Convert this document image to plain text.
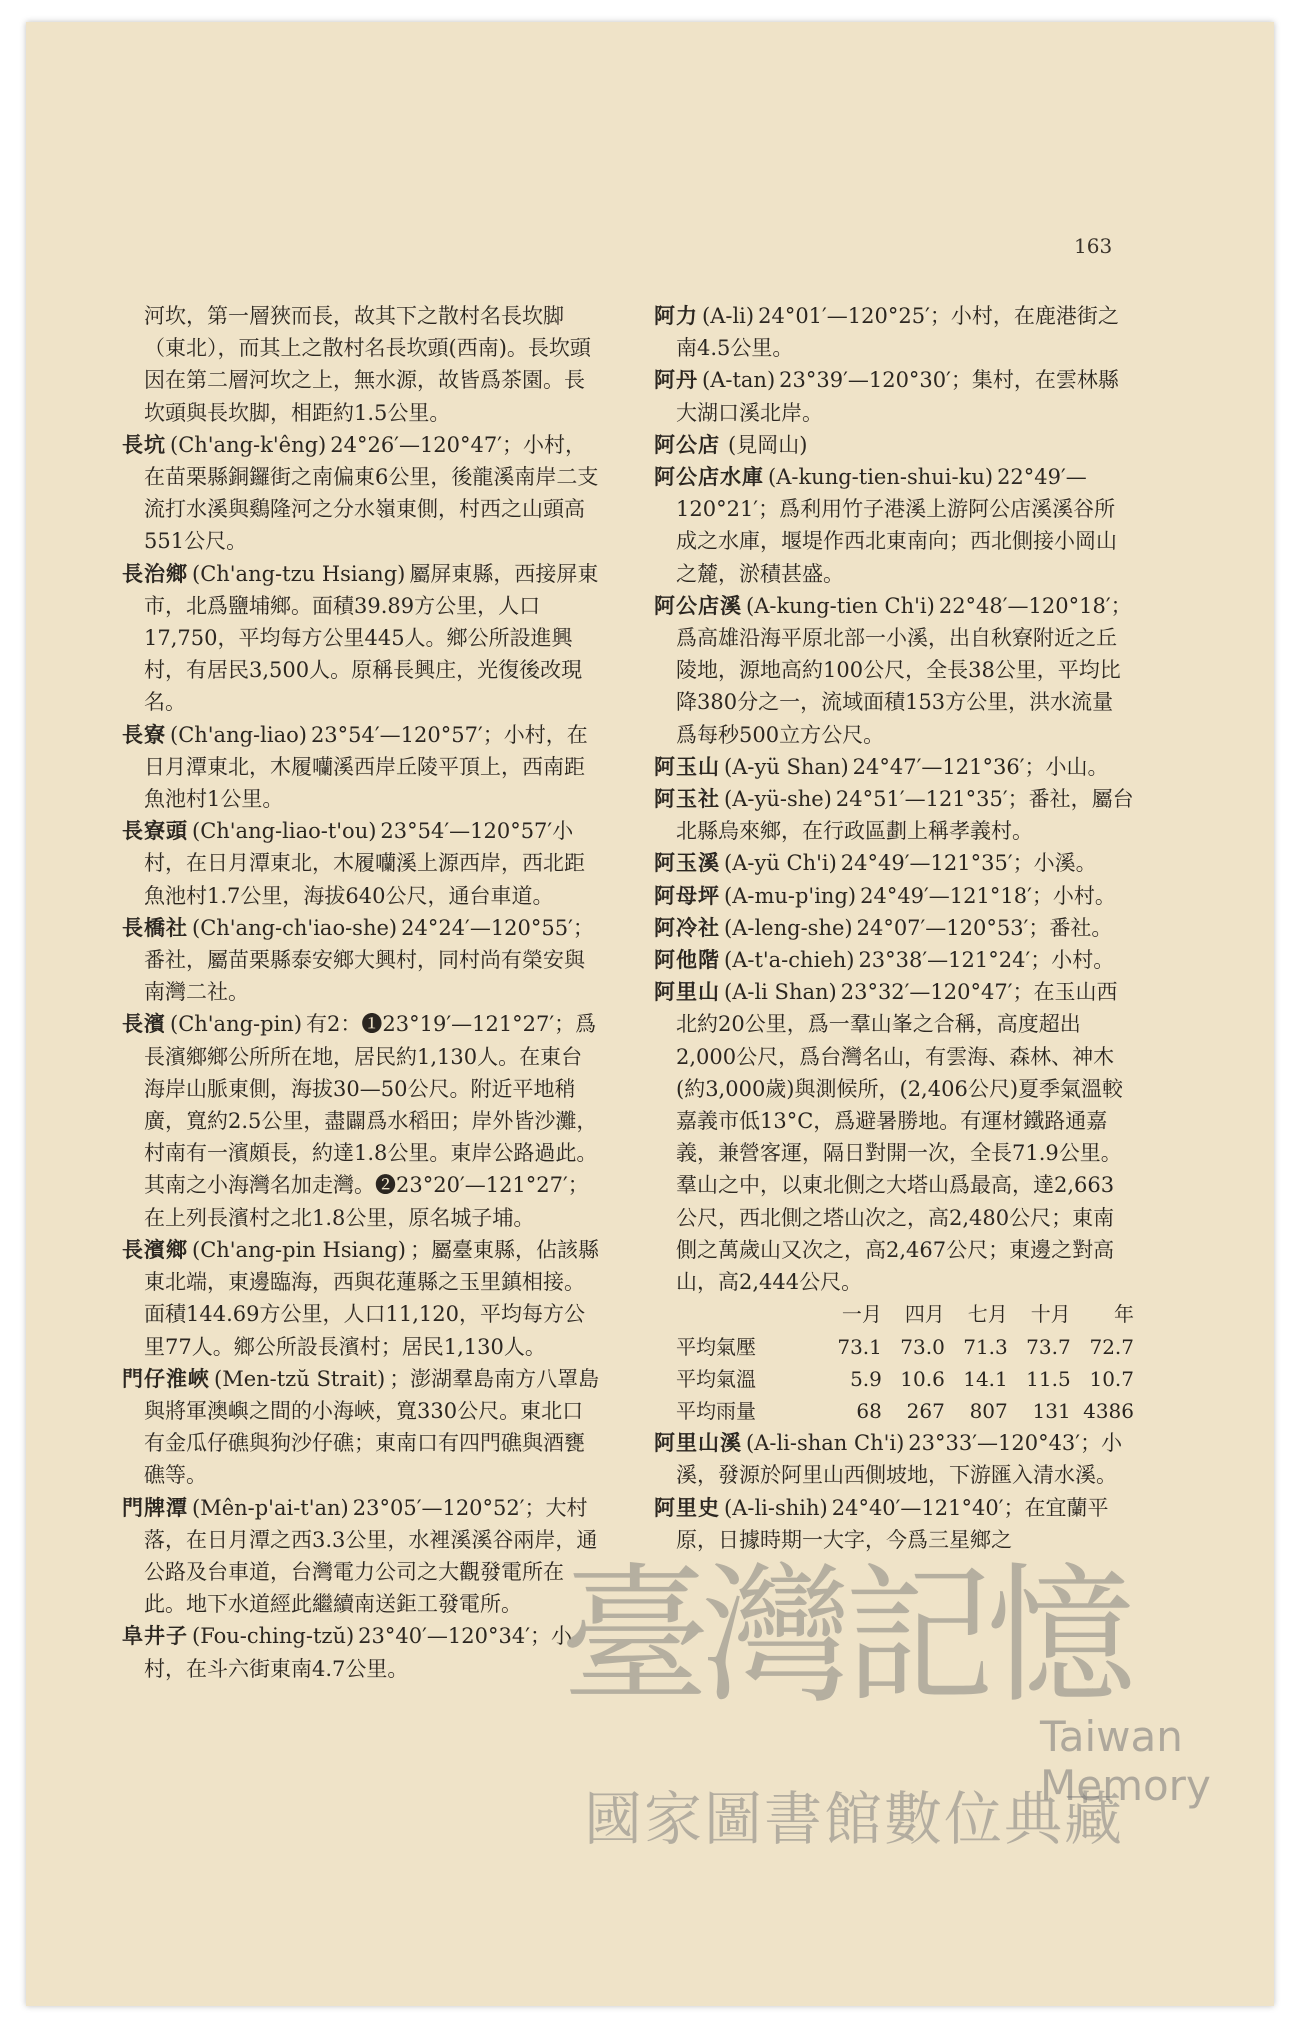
163
河坎，第一層狹而長，故其下之散村名長坎脚（東北），而其上之散村名長坎頭(西南)。長坎頭因在第二層河坎之上，無水源，故皆爲茶園。長坎頭與長坎脚，相距約1.5公里。
長坑 (Ch'ang-k'êng) 24°26′—120°47′；小村，在苗栗縣銅鑼街之南偏東6公里，後龍溪南岸二支流打水溪與鷄隆河之分水嶺東側，村西之山頭高551公尺。
長治鄉 (Ch'ang-tzu Hsiang) 屬屏東縣，西接屏東市，北爲鹽埔鄉。面積39.89方公里，人口17,750，平均每方公里445人。鄉公所設進興村，有居民3,500人。原稱長興庄，光復後改現名。
長寮 (Ch'ang-liao) 23°54′—120°57′；小村，在日月潭東北，木履囒溪西岸丘陵平頂上，西南距魚池村1公里。
長寮頭 (Ch'ang-liao-t'ou) 23°54′—120°57′小村，在日月潭東北，木履囒溪上源西岸，西北距魚池村1.7公里，海拔640公尺，通台車道。
長橋社 (Ch'ang-ch'iao-she) 24°24′—120°55′；番社，屬苗栗縣泰安鄉大興村，同村尚有榮安與南灣二社。
長濱 (Ch'ang-pin) 有2：❶23°19′—121°27′；爲長濱鄉鄉公所所在地，居民約1,130人。在東台海岸山脈東側，海拔30—50公尺。附近平地稍廣，寬約2.5公里，盡闢爲水稻田；岸外皆沙灘，村南有一濱頗長，約達1.8公里。東岸公路過此。其南之小海灣名加走灣。❷23°20′—121°27′；在上列長濱村之北1.8公里，原名城子埔。
長濱鄉 (Ch'ang-pin Hsiang) ；屬臺東縣，佔該縣東北端，東邊臨海，西與花蓮縣之玉里鎮相接。面積144.69方公里，人口11,120，平均每方公里77人。鄉公所設長濱村；居民1,130人。
門仔淮峽 (Men-tzŭ Strait) ；澎湖羣島南方八罩島與將軍澳嶼之間的小海峽，寬330公尺。東北口有金瓜仔礁與狗沙仔礁；東南口有四門礁與酒甕礁等。
門牌潭 (Mên-p'ai-t'an) 23°05′—120°52′；大村落，在日月潭之西3.3公里，水裡溪溪谷兩岸，通公路及台車道，台灣電力公司之大觀發電所在此。地下水道經此繼續南送鉅工發電所。
阜井子 (Fou-ching-tzŭ) 23°40′—120°34′；小村，在斗六街東南4.7公里。
阿力 (A-li) 24°01′—120°25′；小村，在鹿港街之南4.5公里。
阿丹 (A-tan) 23°39′—120°30′；集村，在雲林縣大湖口溪北岸。
阿公店 (見岡山)
阿公店水庫 (A-kung-tien-shui-ku) 22°49′—120°21′；爲利用竹子港溪上游阿公店溪溪谷所成之水庫，堰堤作西北東南向；西北側接小岡山之麓，淤積甚盛。
阿公店溪 (A-kung-tien Ch'i) 22°48′—120°18′；爲高雄沿海平原北部一小溪，出自秋寮附近之丘陵地，源地高約100公尺，全長38公里，平均比降380分之一，流域面積153方公里，洪水流量爲每秒500立方公尺。
阿玉山 (A-yü Shan) 24°47′—121°36′；小山。
阿玉社 (A-yü-she) 24°51′—121°35′；番社，屬台北縣烏來鄉，在行政區劃上稱孝義村。
阿玉溪 (A-yü Ch'i) 24°49′—121°35′；小溪。
阿母坪 (A-mu-p'ing) 24°49′—121°18′；小村。
阿冷社 (A-leng-she) 24°07′—120°53′；番社。
阿他階 (A-t'a-chieh) 23°38′—121°24′；小村。
阿里山 (A-li Shan) 23°32′—120°47′；在玉山西北約20公里，爲一羣山峯之合稱，高度超出2,000公尺，爲台灣名山，有雲海、森林、神木(約3,000歲)與測候所，(2,406公尺)夏季氣溫較嘉義市低13°C，爲避暑勝地。有運材鐵路通嘉義，兼營客運，隔日對開一次，全長71.9公里。羣山之中，以東北側之大塔山爲最高，達2,663公尺，西北側之塔山次之，高2,480公尺；東南側之萬歲山又次之，高2,467公尺；東邊之對高山，高2,444公尺。
	一月	四月	七月	十月	年
平均氣壓	73.1	73.0	71.3	73.7	72.7
平均氣溫	5.9	10.6	14.1	11.5	10.7
平均雨量	68	267	807	131	4386
阿里山溪 (A-li-shan Ch'i) 23°33′—120°43′；小溪，發源於阿里山西側坡地，下游匯入清水溪。
阿里史 (A-li-shih) 24°40′—121°40′；在宜蘭平原，日據時期一大字，今爲三星鄉之
臺灣記憶
Taiwan Memory
國家圖書館數位典藏
